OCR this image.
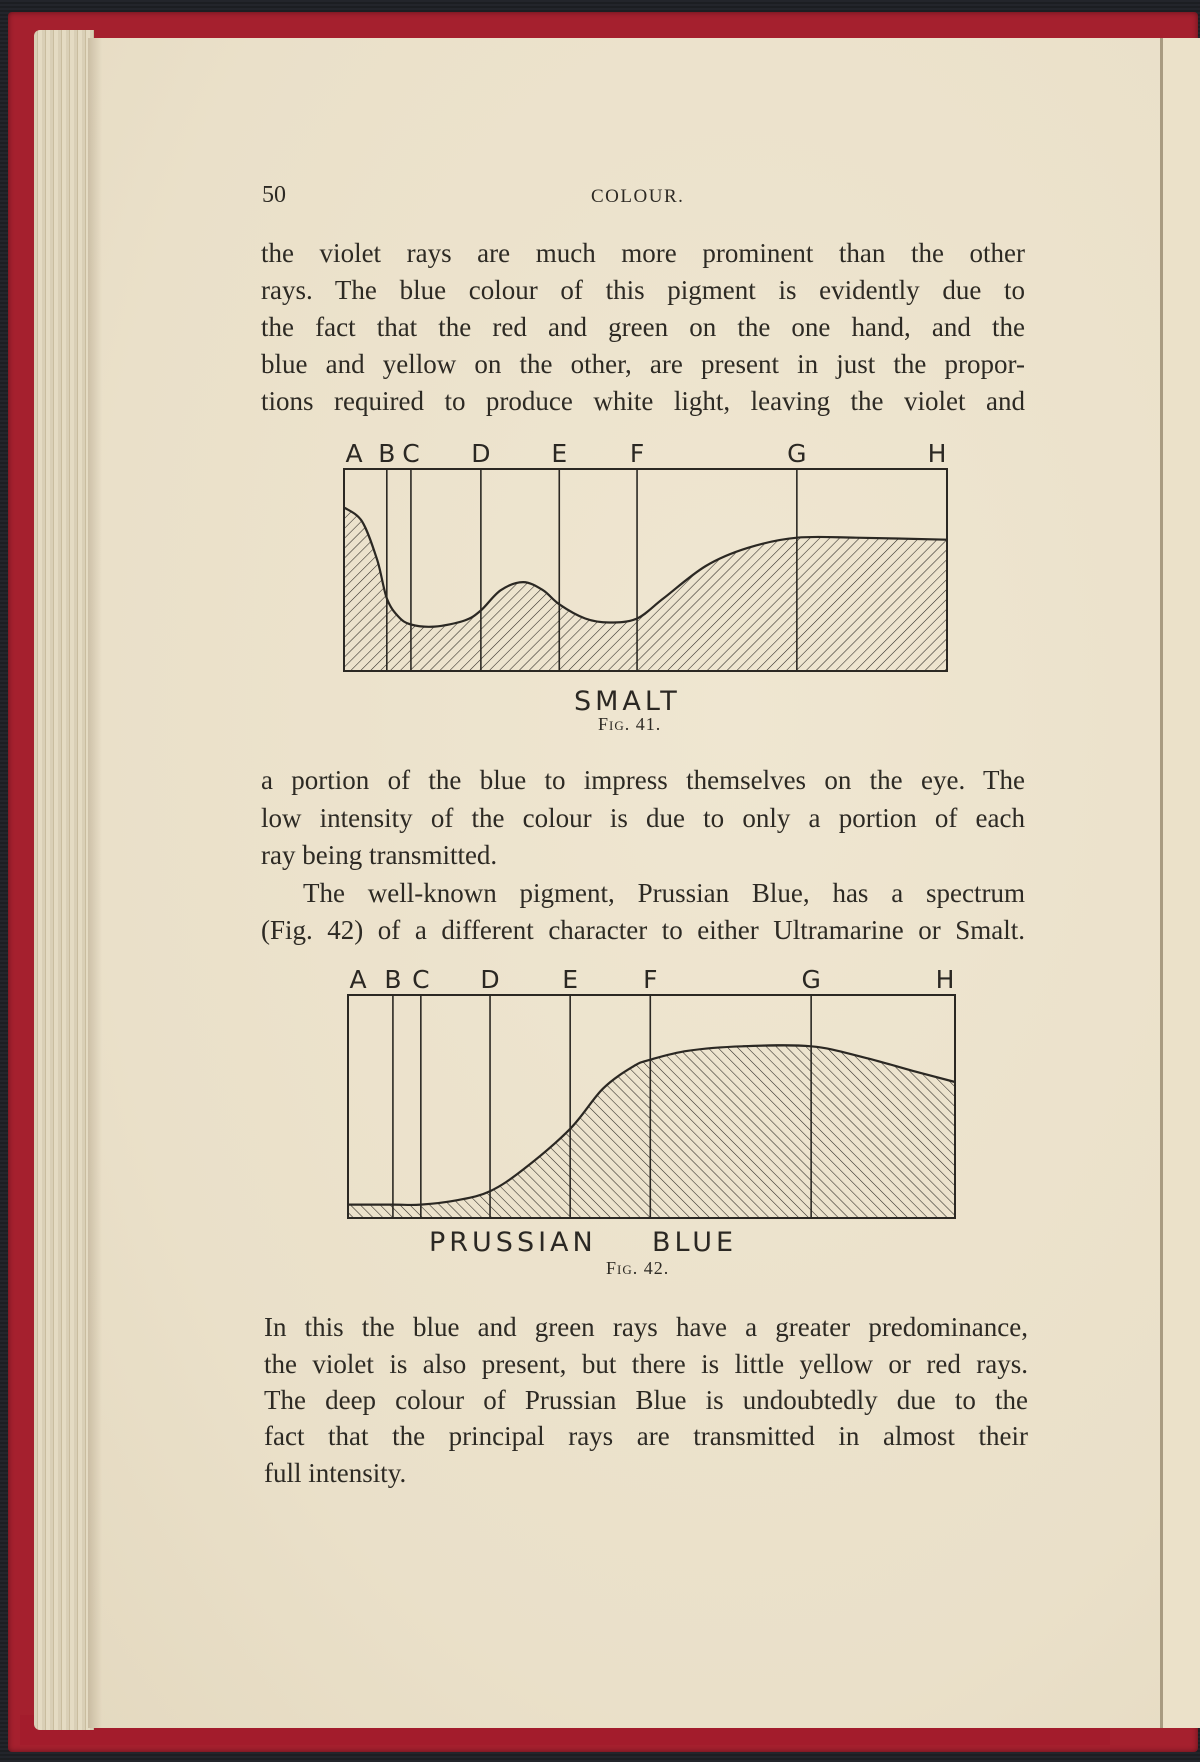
50	COLOUR.
the violet rays are much more prominent than the other
rays. The blue colour of this pigment is evidently due to
the fact that the red and green on the one hand, and the
blue and yellow on the other, are present in just the propor-
tions required to produce white light, leaving the violet and
A B C D E	F	G	H
SMALT
Fig. 41.
a portion of the blue to impress themselves on the eye. The
low intensity of the colour is due to only a portion of each
ray being transmitted.
The well-known pigment, Prussian Blue, has a spectrum
(Fig. 42) of a different character to either Ultramarine or Smalt.
A B C D	E	F	G	H
PRUSSIAN BLUE
Fig. 42.
In this the blue and green rays have a greater predominance,
the violet is also present, but there is little yellow or red rays.
The deep colour of Prussian Blue is undoubtedly due to the
fact that the principal rays are transmitted in almost their
full intensity.
